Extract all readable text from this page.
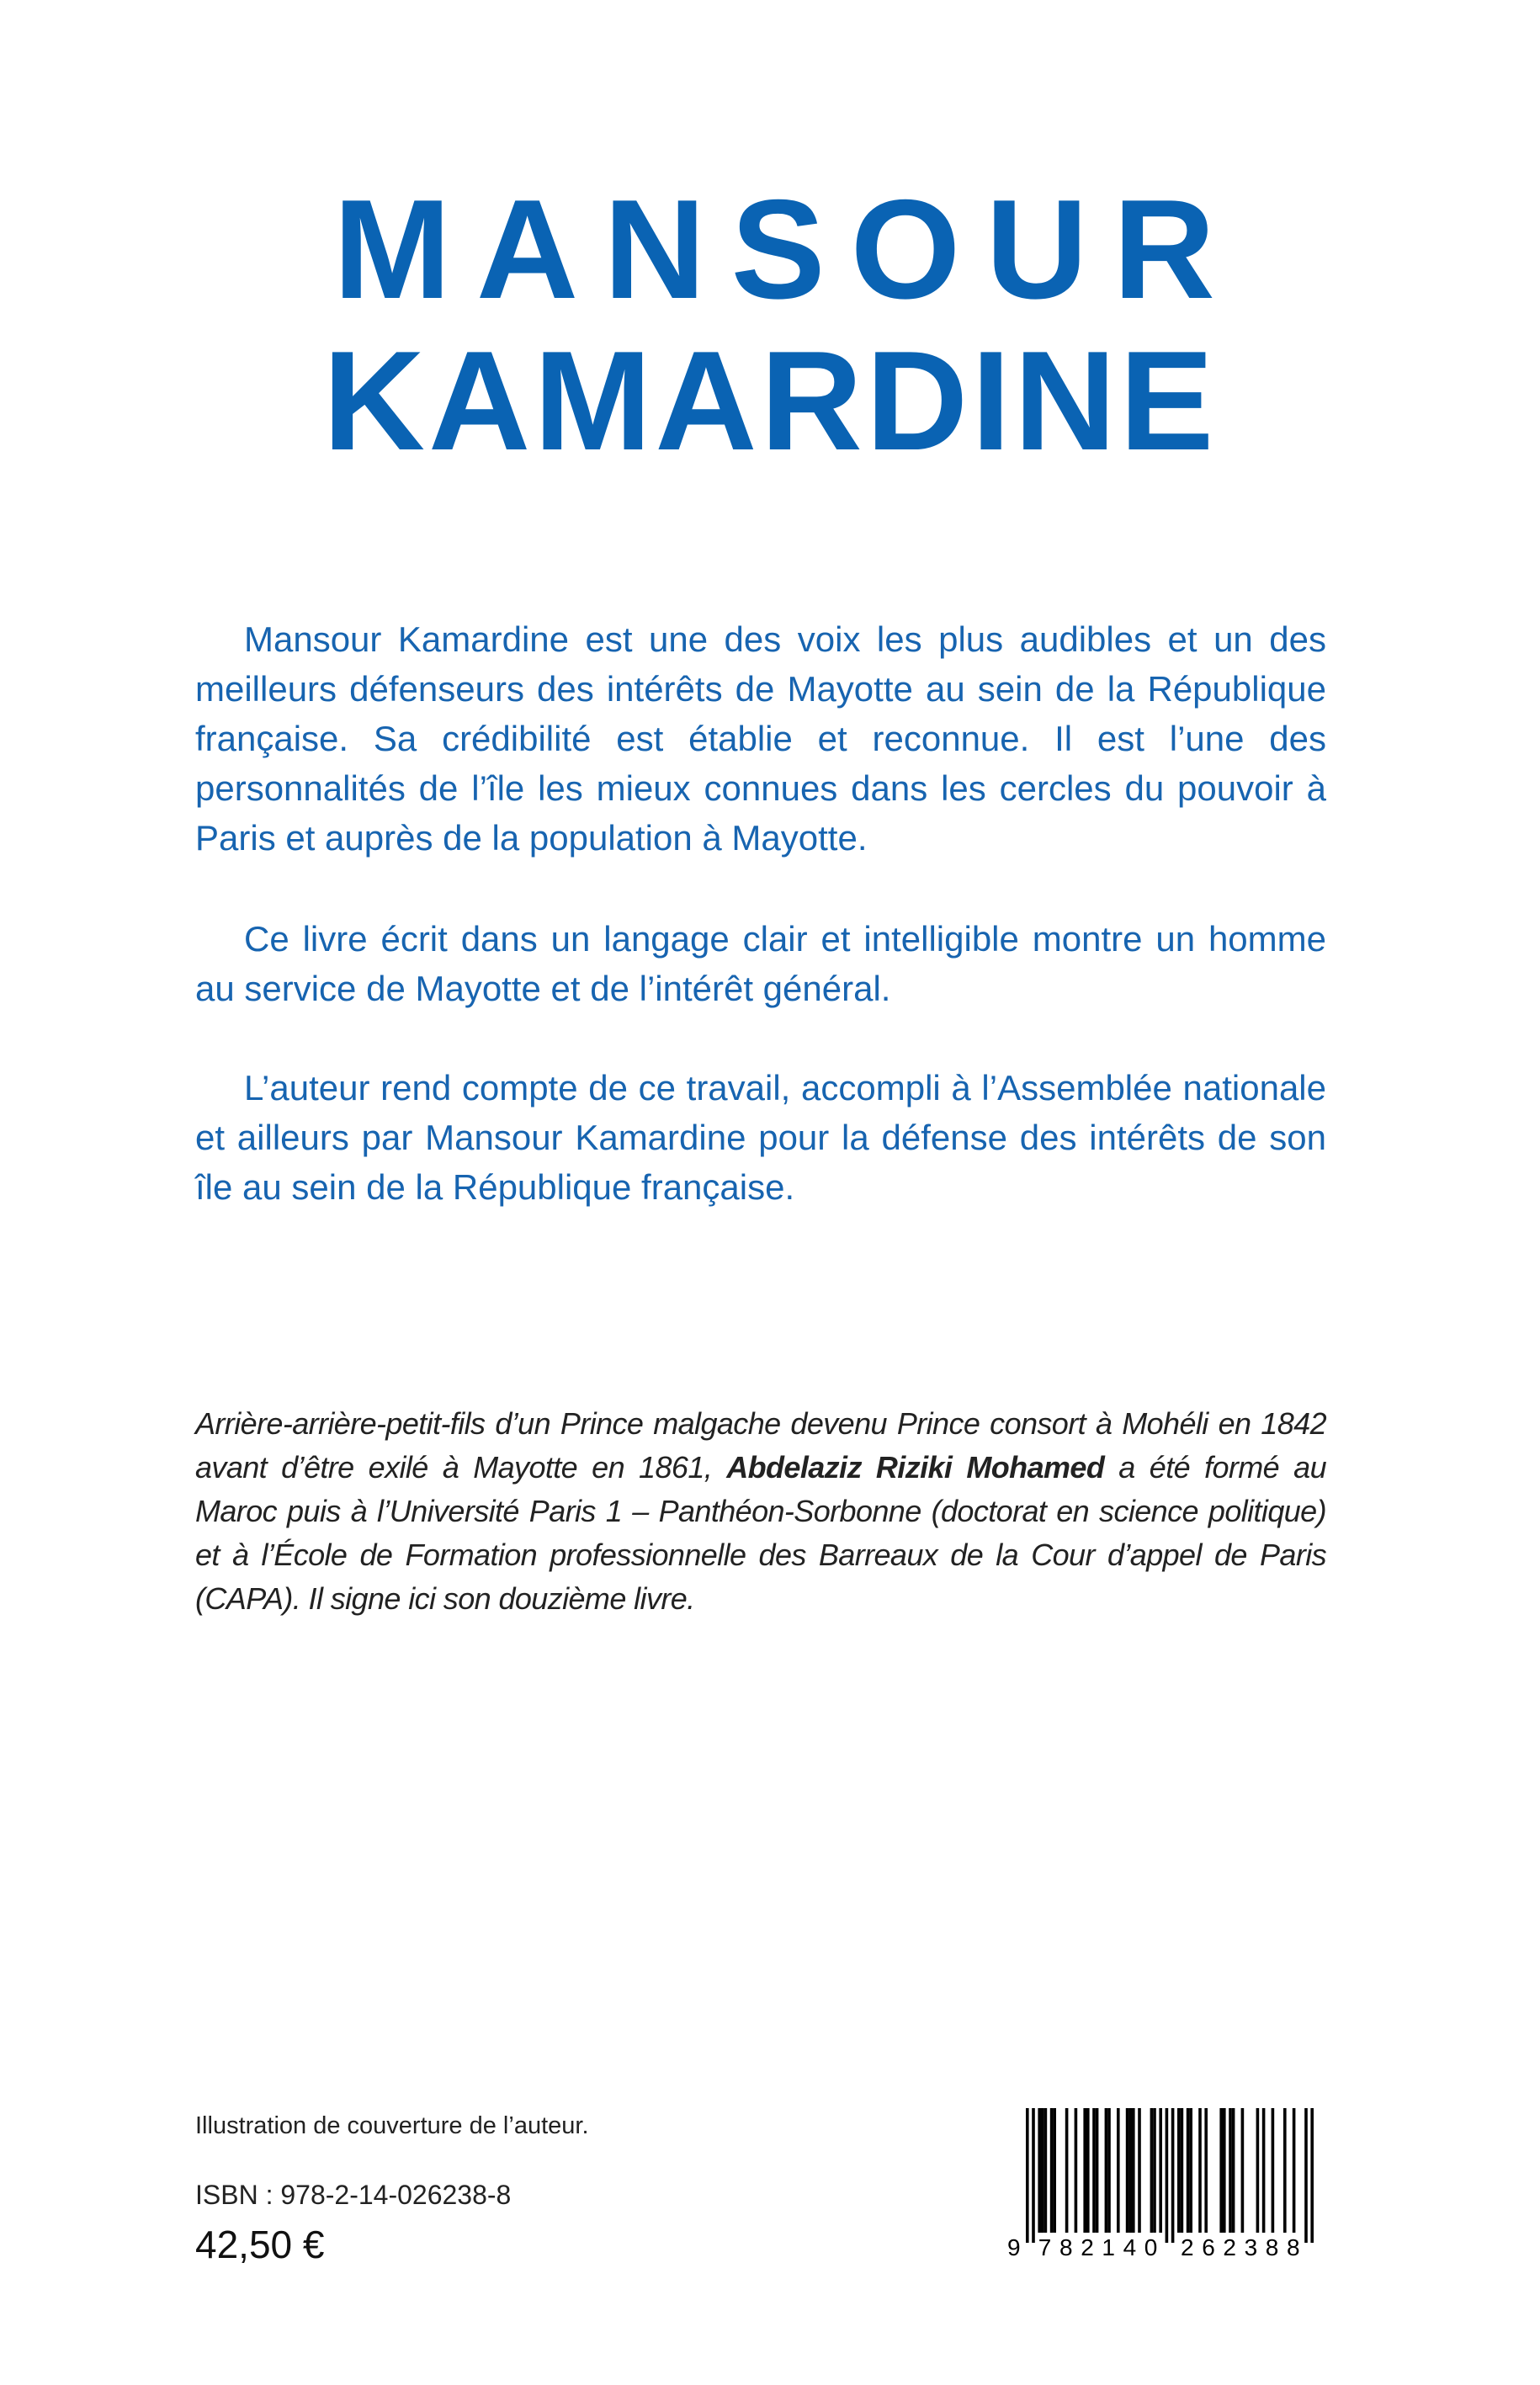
MANSOUR
KAMARDINE

Mansour Kamardine est une des voix les plus audibles et un des meilleurs défenseurs des intérêts de Mayotte au sein de la République française. Sa crédibilité est établie et reconnue. Il est l’une des personnalités de l’île les mieux connues dans les cercles du pouvoir à Paris et auprès de la population à Mayotte.

Ce livre écrit dans un langage clair et intelligible montre un homme au service de Mayotte et de l’intérêt général.

L’auteur rend compte de ce travail, accompli à l’Assemblée nationale et ailleurs par Mansour Kamardine pour la défense des intérêts de son île au sein de la République française.

Arrière-arrière-petit-fils d’un Prince malgache devenu Prince consort à Mohéli en 1842 avant d’être exilé à Mayotte en 1861, Abdelaziz Riziki Mohamed a été formé au Maroc puis à l’Université Paris 1 – Panthéon-Sorbonne (doctorat en science politique) et à l’École de Formation professionnelle des Barreaux de la Cour d’appel de Paris (CAPA). Il signe ici son douzième livre.
Illustration de couverture de l’auteur.
ISBN : 978-2-14-026238-8
42,50 €	9 7 8 2 1 4 0 2 6 2 3 8 8
